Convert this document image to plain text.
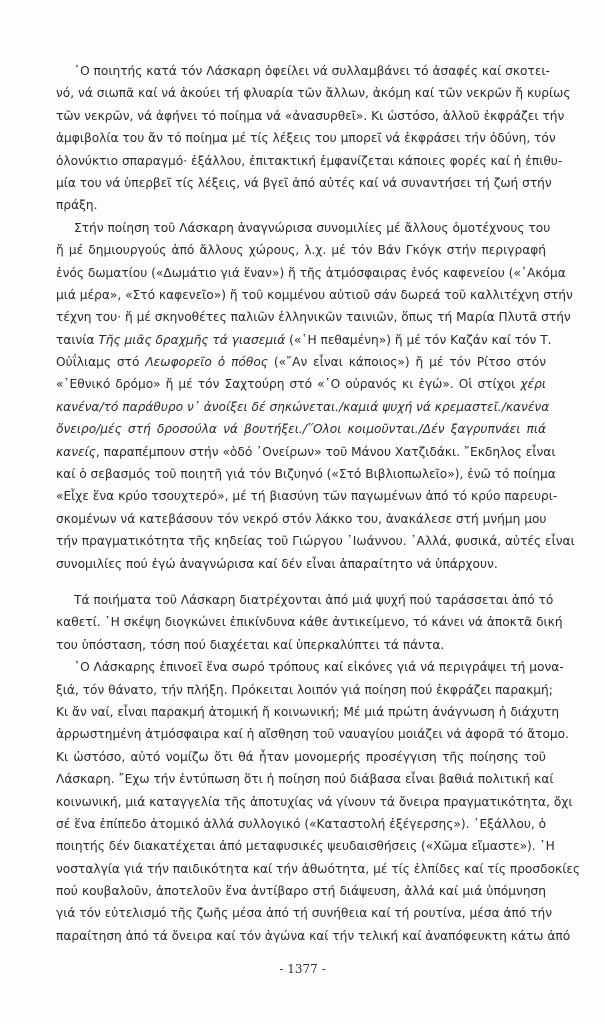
῾Ο ποιητής κατά τόν Λάσκαρη ὀφείλει νά συλλαμβάνει τό ἀσαφές καί σκοτει-
νό, νά σιωπᾶ καί νά ἀκούει τή φλυαρία τῶν ἄλλων, ἀκόμη καί τῶν νεκρῶν ἤ κυρίως
τῶν νεκρῶν, νά ἀφήνει τό ποίημα νά «ἀνασυρθεῖ». Κι ὡστόσο, ἀλλοῦ ἐκφράζει τήν
ἀμφιβολία του ἄν τό ποίημα μέ τίς λέξεις του μπορεῖ νά ἐκφράσει τήν ὀδύνη, τόν
ὁλονύκτιο σπαραγμό· ἐξάλλου, ἐπιτακτική ἐμφανίζεται κάποιες φορές καί ἡ ἐπιθυ-
μία του νά ὑπερβεῖ τίς λέξεις, νά βγεῖ ἀπό αὐτές καί νά συναντήσει τή ζωή στήν
πράξη.
Στήν ποίηση τοῦ Λάσκαρη ἀναγνώρισα συνομιλίες μέ ἄλλους ὁμοτέχνους του
ἤ μέ δημιουργούς ἀπό ἄλλους χώρους, λ.χ. μέ τόν Βάν Γκόγκ στήν περιγραφή
ἑνός δωματίου («Δωμάτιο γιά ἕναν») ἤ τῆς ἀτμόσφαιρας ἑνός καφενείου («᾿Ακόμα
μιά μέρα», «Στό καφενεῖο») ἤ τοῦ κομμένου αὐτιοῦ σάν δωρεά τοῦ καλλιτέχνη στήν
τέχνη του· ἤ μέ σκηνοθέτες παλιῶν ἑλληνικῶν ταινιῶν, ὅπως τή Μαρία Πλυτᾶ στήν
ταινία Τῆς μιᾶς δραχμῆς τά γιασεμιά («῾Η πεθαμένη») ἤ μέ τόν Καζάν καί τόν Τ.
Οὐΐλιαμς στό Λεωφορεῖο ὁ πόθος («῎Αν εἶναι κάποιος») ἤ μέ τόν Ρίτσο στόν
«᾿Εθνικό δρόμο» ἤ μέ τόν Σαχτούρη στό «῾Ο οὐρανός κι ἐγώ». Οἱ στίχοι χέρι
κανένα/τό παράθυρο ν᾿ ἀνοίξει δέ σηκώνεται./καμιά ψυχή νά κρεμαστεῖ./κανένα
ὄνειρο/μές στή δροσούλα νά βουτήξει./῞Ολοι κοιμοῦνται./Δέν ξαγρυπνάει πιά
κανείς, παραπέμπουν στήν «ὁδό ᾿Ονείρων» τοῦ Μάνου Χατζιδάκι. ῎Εκδηλος εἶναι
καί ὁ σεβασμός τοῦ ποιητῆ γιά τόν Βιζυηνό («Στό Βιβλιοπωλεῖο»), ἐνῶ τό ποίημα
«Εἶχε ἕνα κρύο τσουχτερό», μέ τή βιασύνη τῶν παγωμένων ἀπό τό κρύο παρευρι-
σκομένων νά κατεβάσουν τόν νεκρό στόν λάκκο του, ἀνακάλεσε στή μνήμη μου
τήν πραγματικότητα τῆς κηδείας τοῦ Γιώργου ᾿Ιωάννου. ᾿Αλλά, φυσικά, αὐτές εἶναι
συνομιλίες πού ἐγώ ἀναγνώρισα καί δέν εἶναι ἀπαραίτητο νά ὑπάρχουν.
Τά ποιήματα τοῦ Λάσκαρη διατρέχονται ἀπό μιά ψυχή πού ταράσσεται ἀπό τό
καθετί. ῾Η σκέψη διογκώνει ἐπικίνδυνα κάθε ἀντικείμενο, τό κάνει νά ἀποκτᾶ δική
του ὑπόσταση, τόση πού διαχέεται καί ὑπερκαλύπτει τά πάντα.
῾Ο Λάσκαρης ἐπινοεῖ ἕνα σωρό τρόπους καί εἰκόνες γιά νά περιγράψει τή μονα-
ξιά, τόν θάνατο, τήν πλήξη. Πρόκειται λοιπόν γιά ποίηση πού ἐκφράζει παρακμή;
Κι ἄν ναί, εἶναι παρακμή ἀτομική ἤ κοινωνική; Μέ μιά πρώτη ἀνάγνωση ἡ διάχυτη
ἀρρωστημένη ἀτμόσφαιρα καί ἡ αἴσθηση τοῦ ναυαγίου μοιάζει νά ἀφορᾶ τό ἄτομο.
Κι ὡστόσο, αὐτό νομίζω ὅτι θά ἦταν μονομερής προσέγγιση τῆς ποίησης τοῦ
Λάσκαρη. ῎Εχω τήν ἐντύπωση ὅτι ἡ ποίηση πού διάβασα εἶναι βαθιά πολιτική καί
κοινωνική, μιά καταγγελία τῆς ἀποτυχίας νά γίνουν τά ὄνειρα πραγματικότητα, ὄχι
σέ ἕνα ἐπίπεδο ἀτομικό ἀλλά συλλογικό («Καταστολή ἐξέγερσης»). ᾿Εξάλλου, ὁ
ποιητής δέν διακατέχεται ἀπό μεταφυσικές ψευδαισθήσεις («Χῶμα εἴμαστε»). ῾Η
νοσταλγία γιά τήν παιδικότητα καί τήν ἀθωότητα, μέ τίς ἐλπίδες καί τίς προσδοκίες
πού κουβαλοῦν, ἀποτελοῦν ἕνα ἀντίβαρο στή διάψευση, ἀλλά καί μιά ὑπόμνηση
γιά τόν εὐτελισμό τῆς ζωῆς μέσα ἀπό τή συνήθεια καί τή ρουτίνα, μέσα ἀπό τήν
παραίτηση ἀπό τά ὄνειρα καί τόν ἀγώνα καί τήν τελική καί ἀναπόφευκτη κάτω ἀπό
- 1377 -
